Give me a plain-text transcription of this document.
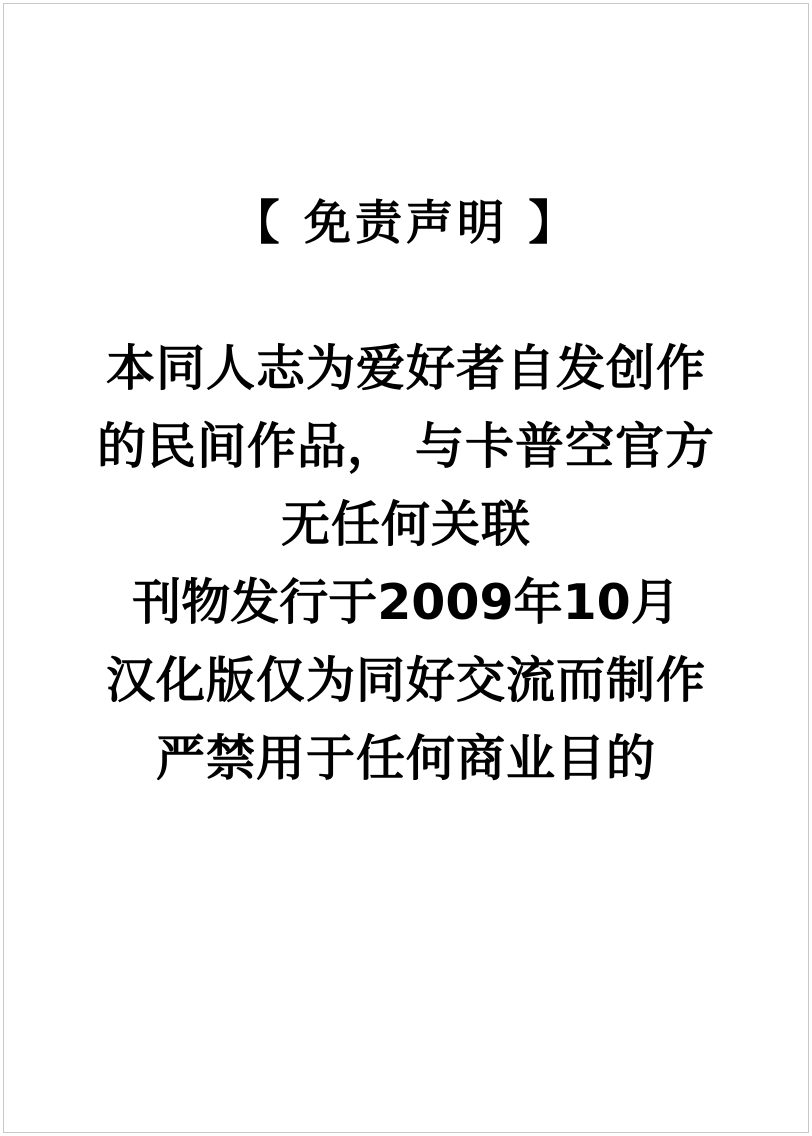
【 免责声明 】
本同人志为爱好者自发创作
的民间作品， 与卡普空官方
无任何关联
刊物发行于2009年10月
汉化版仅为同好交流而制作
严禁用于任何商业目的
